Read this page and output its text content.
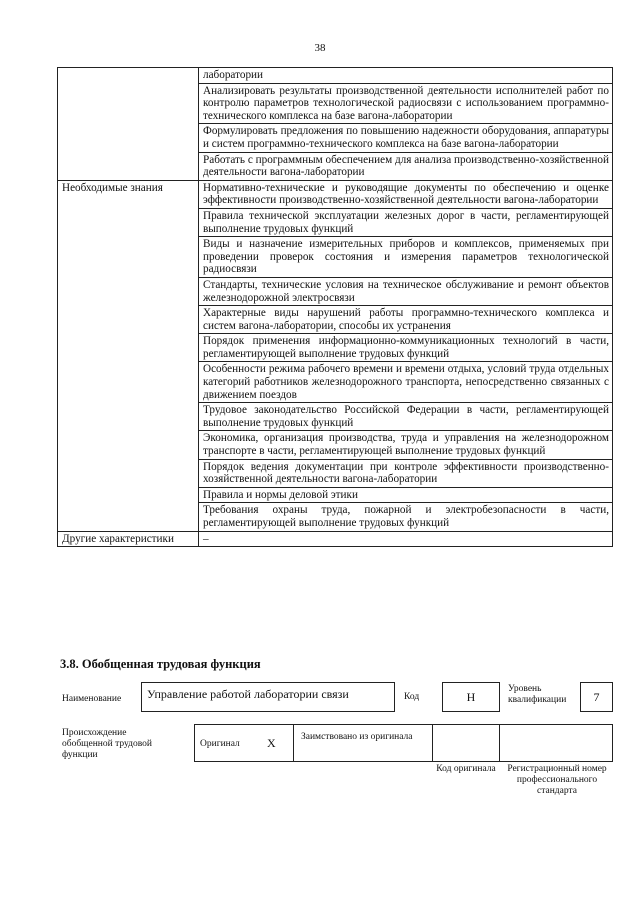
38
	лаборатории
	Анализировать результаты производственной деятельности исполнителей работ по контролю параметров технологической радиосвязи с использованием программно-технического комплекса на базе вагона-лаборатории
	Формулировать предложения по повышению надежности оборудования, аппаратуры и систем программно-технического комплекса на базе вагона-лаборатории
	Работать с программным обеспечением для анализа производственно-хозяйственной деятельности вагона-лаборатории
Необходимые знания	Нормативно-технические и руководящие документы по обеспечению и оценке эффективности производственно-хозяйственной деятельности вагона-лаборатории
	Правила технической эксплуатации железных дорог в части, регламентирующей выполнение трудовых функций
	Виды и назначение измерительных приборов и комплексов, применяемых при проведении проверок состояния и измерения параметров технологической радиосвязи
	Стандарты, технические условия на техническое обслуживание и ремонт объектов железнодорожной электросвязи
	Характерные виды нарушений работы программно-технического комплекса и систем вагона-лаборатории, способы их устранения
	Порядок применения информационно-коммуникационных технологий в части, регламентирующей выполнение трудовых функций
	Особенности режима рабочего времени и времени отдыха, условий труда отдельных категорий работников железнодорожного транспорта, непосредственно связанных с движением поездов
	Трудовое законодательство Российской Федерации в части, регламентирующей выполнение трудовых функций
	Экономика, организация производства, труда и управления на железнодорожном транспорте в части, регламентирующей выполнение трудовых функций
	Порядок ведения документации при контроле эффективности производственно-хозяйственной деятельности вагона-лаборатории
	Правила и нормы деловой этики
	Требования охраны труда, пожарной и электробезопасности в части, регламентирующей выполнение трудовых функций
Другие характеристики	–
3.8. Обобщенная трудовая функция
Наименование	Управление работой лаборатории связи	Код	H
Уровень квалификации	7
Происхождение обобщенной трудовой функции
Оригинал X	Заимствовано из оригинала
Код оригинала	Регистрационный номер профессионального стандарта
